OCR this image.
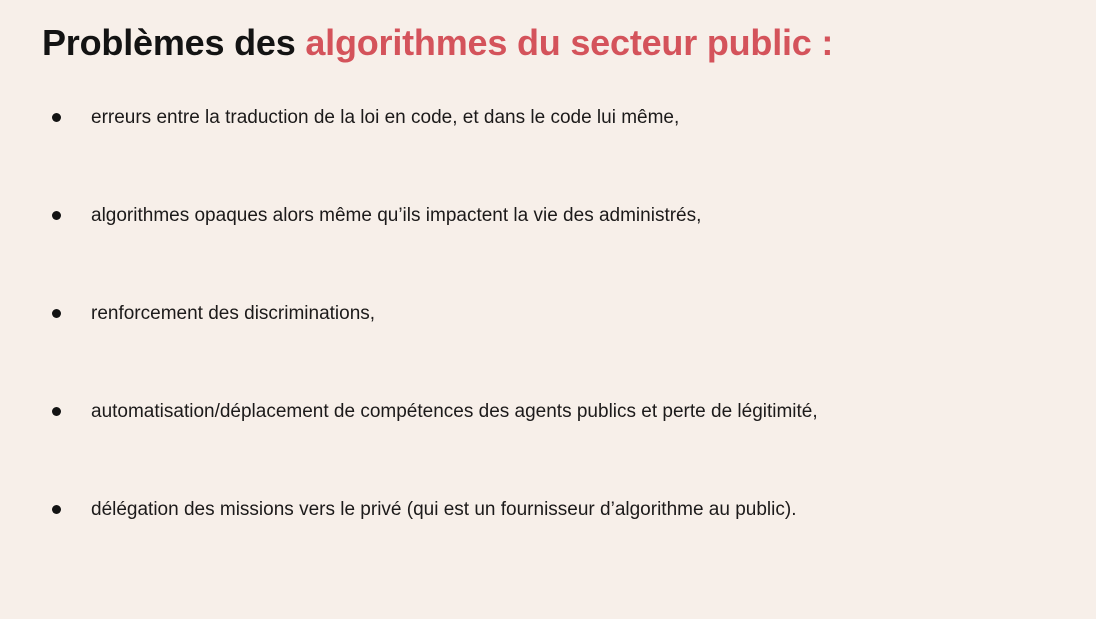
Problèmes des algorithmes du secteur public :
erreurs entre la traduction de la loi en code, et dans le code lui même,
algorithmes opaques alors même qu’ils impactent la vie des administrés,
renforcement des discriminations,
automatisation/déplacement de compétences des agents publics et perte de légitimité,
délégation des missions vers le privé (qui est un fournisseur d’algorithme au public).
